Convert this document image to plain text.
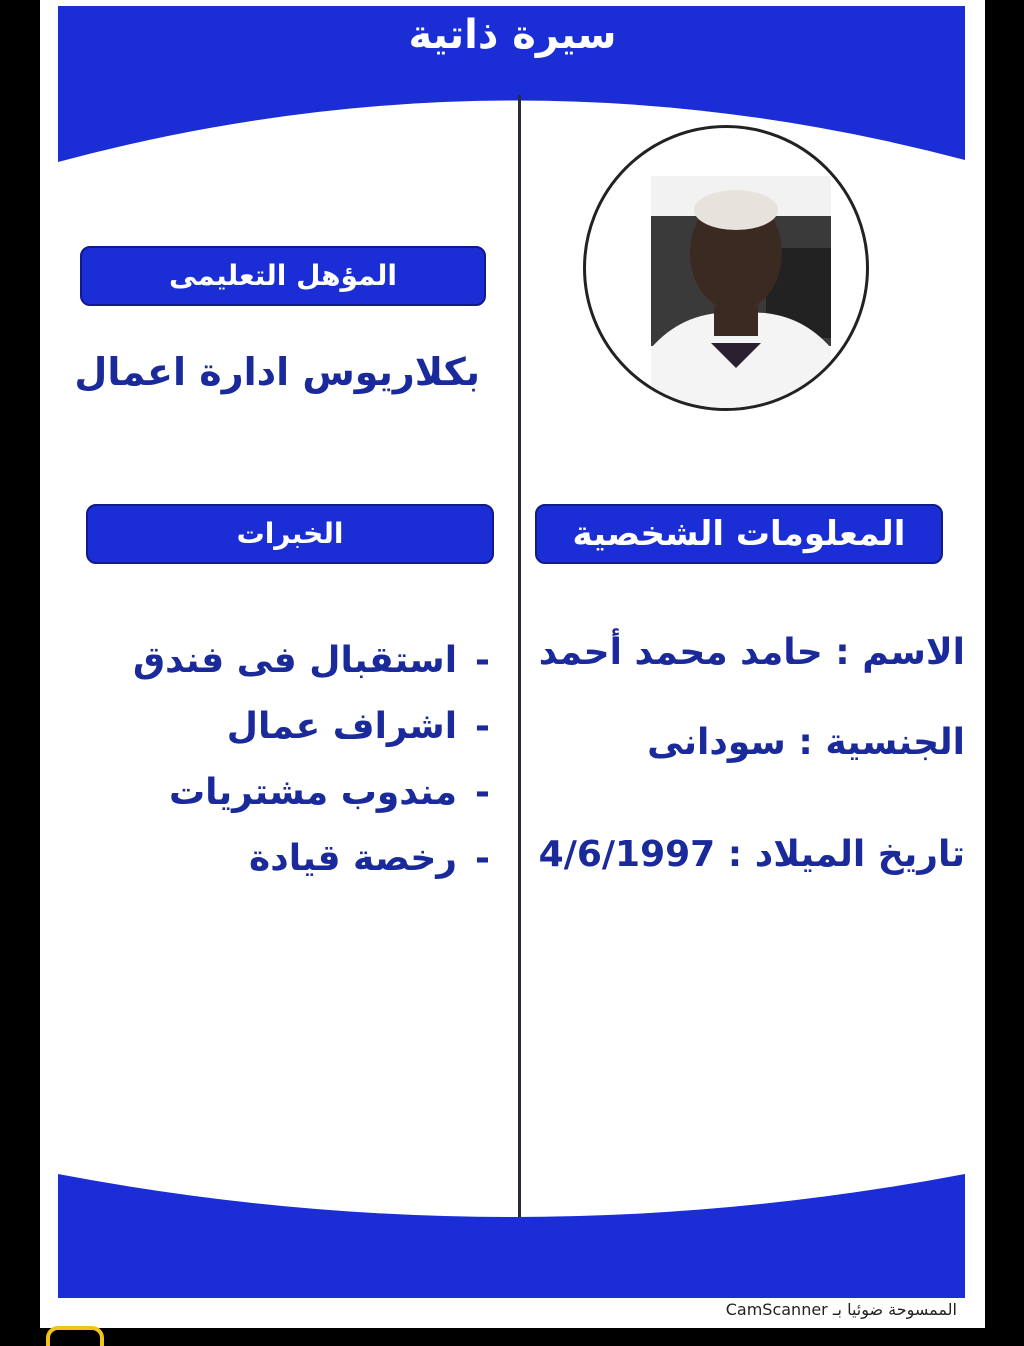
سيرة ذاتية
المؤهل التعليمى
بكلاريوس ادارة اعمال
الخبرات
-استقبال فى فندق
-اشراف عمال
-مندوب مشتريات
-رخصة قيادة
المعلومات الشخصية
الاسم : حامد محمد أحمد
الجنسية : سودانى
تاريخ الميلاد : 4/6/1997
الممسوحة ضوئيا بـ CamScanner
